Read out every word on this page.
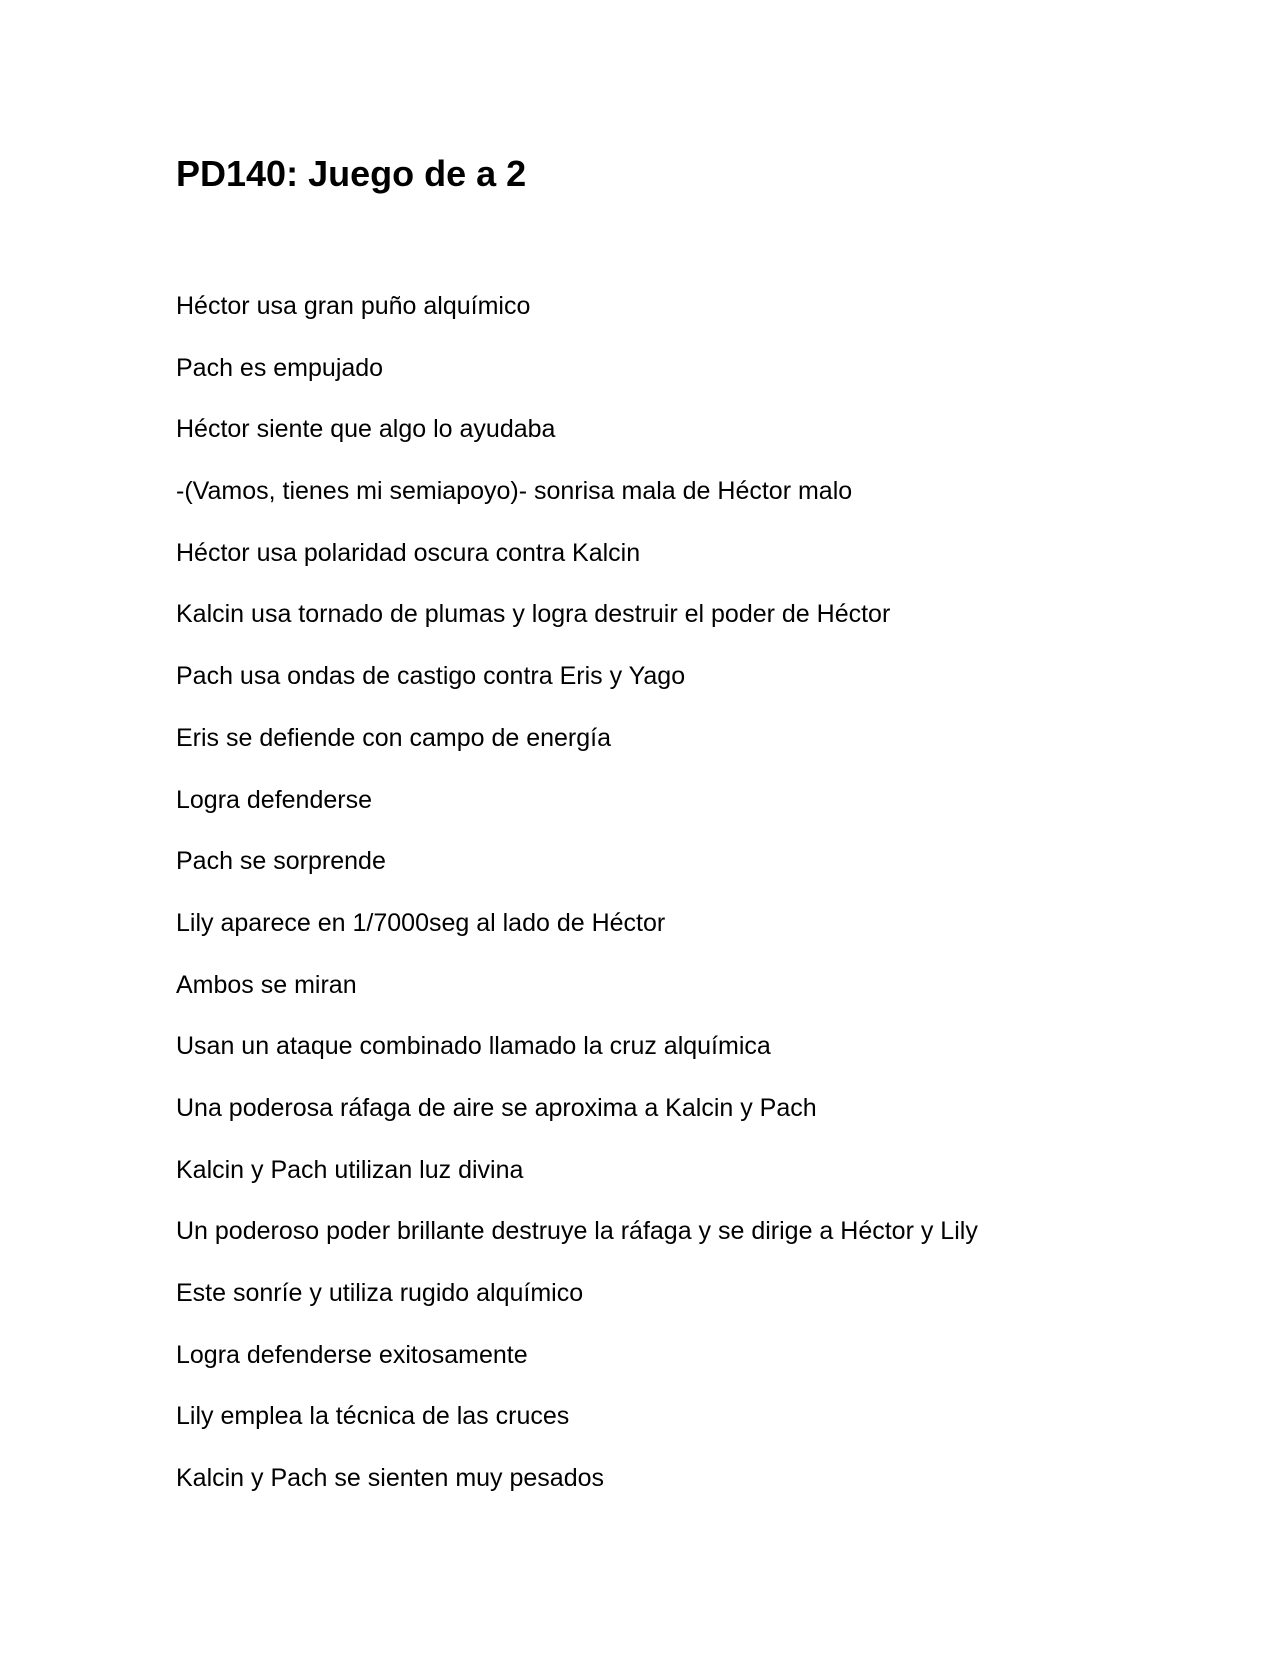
PD140: Juego de a 2
Héctor usa gran puño alquímico
Pach es empujado
Héctor siente que algo lo ayudaba
-(Vamos, tienes mi semiapoyo)- sonrisa mala de Héctor malo
Héctor usa polaridad oscura contra Kalcin
Kalcin usa tornado de plumas y logra destruir el poder de Héctor
Pach usa ondas de castigo contra Eris y Yago
Eris se defiende con campo de energía
Logra defenderse
Pach se sorprende
Lily aparece en 1/7000seg al lado de Héctor
Ambos se miran
Usan un ataque combinado llamado la cruz alquímica
Una poderosa ráfaga de aire se aproxima a Kalcin y Pach
Kalcin y Pach utilizan luz divina
Un poderoso poder brillante destruye la ráfaga y se dirige a Héctor y Lily
Este sonríe y utiliza rugido alquímico
Logra defenderse exitosamente
Lily emplea la técnica de las cruces
Kalcin y Pach se sienten muy pesados
